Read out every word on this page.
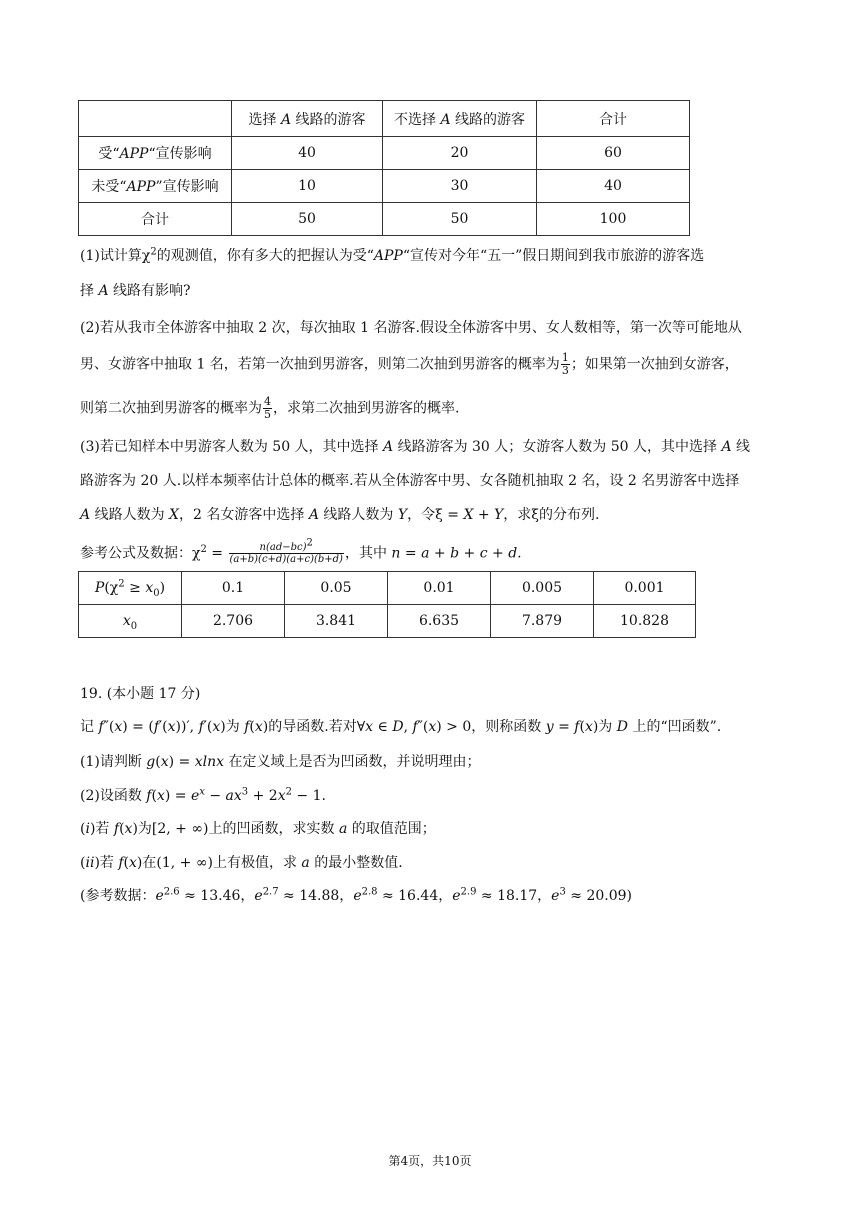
	选择 A 线路的游客	不选择 A 线路的游客	合计
受“APP“宣传影响	40	20	60
未受“APP”宣传影响	10	30	40
合计	50	50	100
(1)试计算$\chi^2$的观测值，你有多大的把握认为受“APP“宣传对今年“五一”假日期间到我市旅游的游客选
择 A 线路有影响?
(2)若从我市全体游客中抽取 2 次，每次抽取 1 名游客.假设全体游客中男、女人数相等，第一次等可能地从
男、女游客中抽取 1 名，若第一次抽到男游客，则第二次抽到男游客的概率为 $\frac{1}{3}$ ；如果第一次抽到女游客，
则第二次抽到男游客的概率为 $\frac{4}{5}$ ，求第二次抽到男游客的概率.
(3)若已知样本中男游客人数为 50 人，其中选择 A 线路游客为 30 人；女游客人数为 50 人，其中选择 A 线
路游客为 20 人.以样本频率估计总体的概率.若从全体游客中男、女各随机抽取 2 名，设 2 名男游客中选择
A 线路人数为 X，2 名女游客中选择 A 线路人数为 Y，令ξ = X + Y，求ξ的分布列.
参考公式及数据：$\chi^2 = \frac{n(ad-bc)^2}{(a+b)(c+d)(a+c)(b+d)}$ ，其中 n = a + b + c + d.
$P(\chi^2 \ge x_0)$	0.1	0.05	0.01	0.005	0.001
$x_0$	2.706	3.841	6.635	7.879	10.828
19. (本小题 17 分)
记 f″(x) = (f′(x))′, f′(x)为 f(x)的导函数.若对∀x ∈ D, f″(x) > 0，则称函数 y = f(x)为 D 上的“凹函数”.
(1)请判断 g(x) = xlnx 在定义域上是否为凹函数，并说明理由；
(2)设函数 $f(x) = e^x - ax^3 + 2x^2 - 1$.
(i)若 f(x)为[2, + ∞)上的凹函数，求实数 a 的取值范围；
(ii)若 f(x)在(1, + ∞)上有极值，求 a 的最小整数值.
(参考数据：$e^{2.6} \approx 13.46$，$e^{2.7} \approx 14.88$，$e^{2.8} \approx 16.44$，$e^{2.9} \approx 18.17$，$e^3 \approx 20.09$)
第4页，共10页
